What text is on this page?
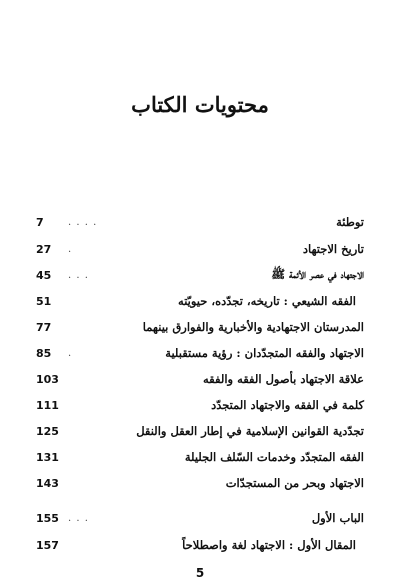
محتويات الكتاب
توطئة
. . . .
7
تاريخ الاجتهاد
.
27
الاجتهاد في عصر الأئمة ﷺ
. . .
45
الفقه الشيعي : تاريخه، تجدّده، حيويّته
51
المدرستان الاجتهادية والأخبارية والفوارق بينهما
77
الاجتهاد والفقه المتجدّدان : رؤية مستقبلية
.
85
علاقة الاجتهاد بأصول الفقه والفقه
103
كلمة في الفقه والاجتهاد المتجدّد
111
تجدّدية القوانين الإسلامية في إطار العقل والنقل
125
الفقه المتجدّد وخدمات السّلف الجليلة
131
الاجتهاد وبحر من المستجدّات
143
الباب الأول
. . .
155
المقال الأول : الاجتهاد لغة واصطلاحاً
157
5
